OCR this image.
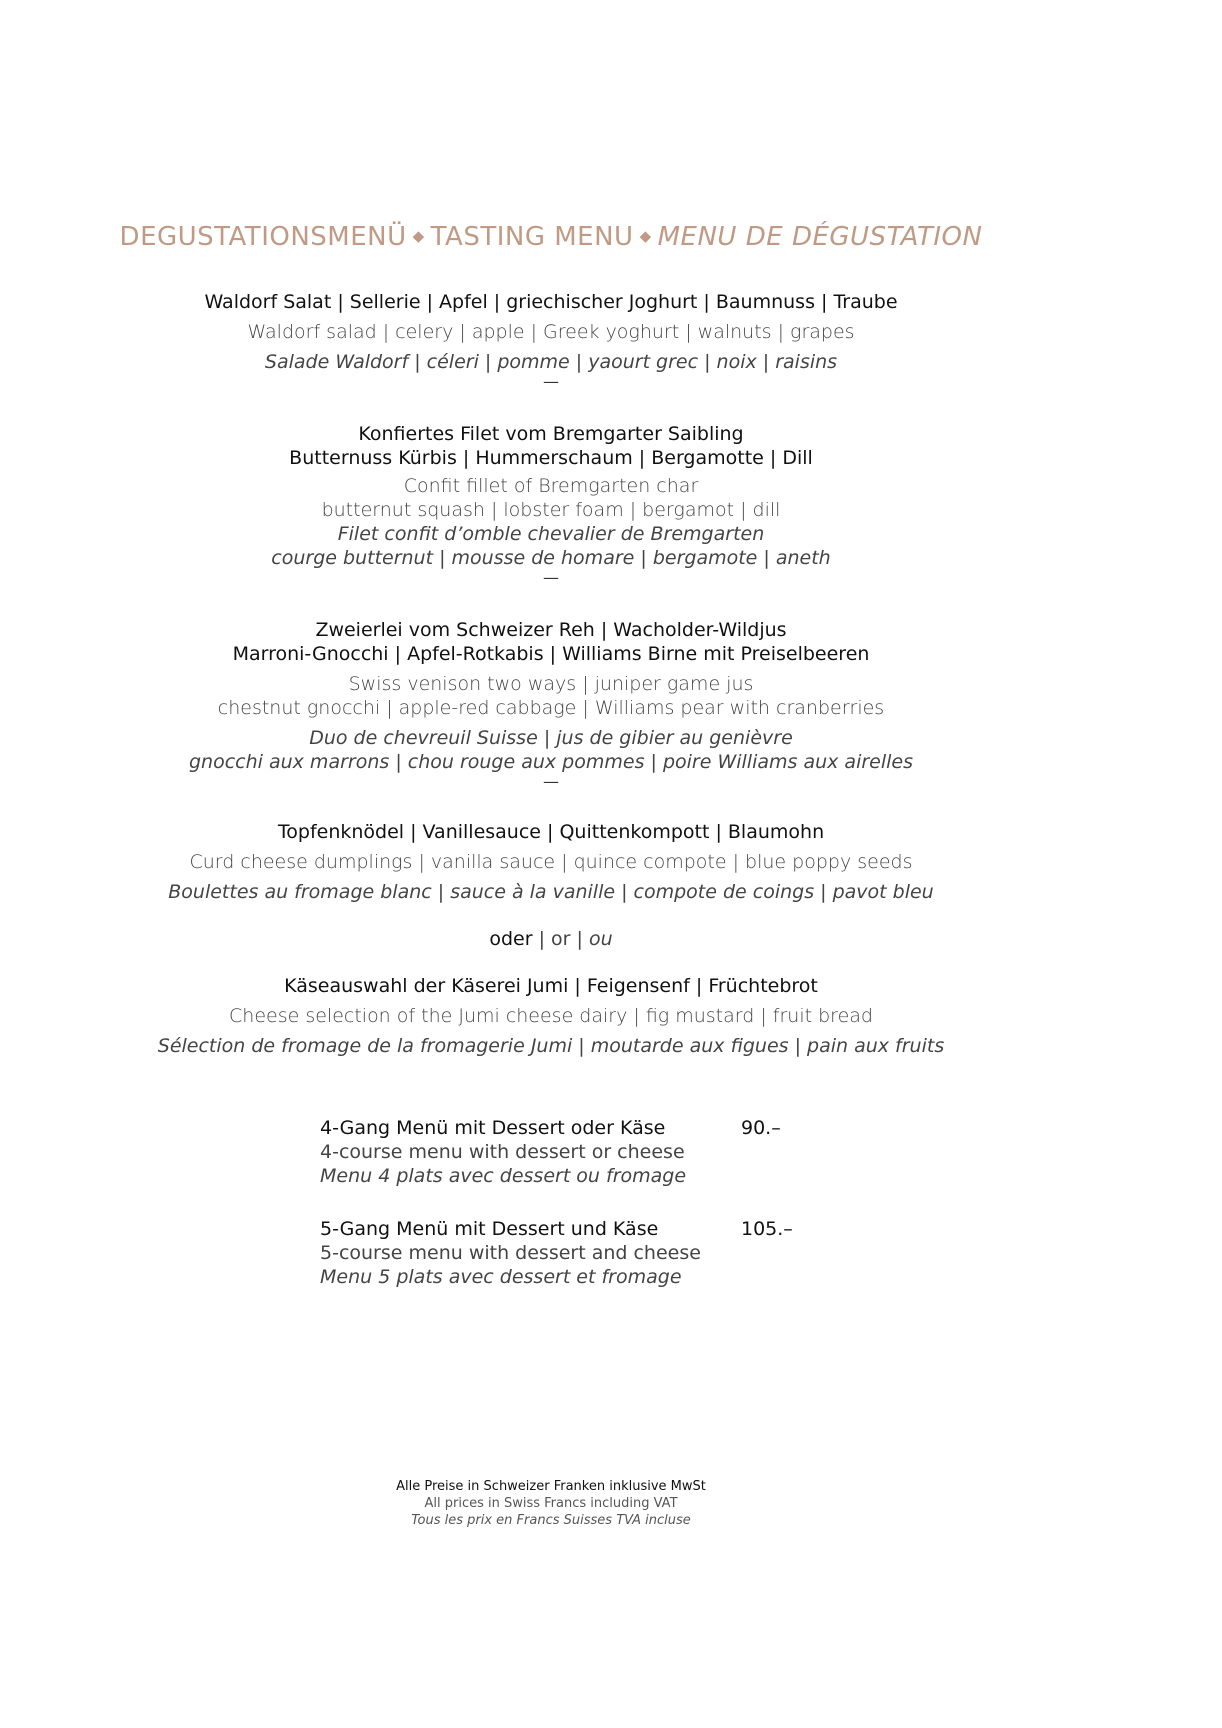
DEGUSTATIONSMENÜ ◆ TASTING MENU ◆ MENU DE DÉGUSTATION
Waldorf Salat | Sellerie | Apfel | griechischer Joghurt | Baumnuss | Traube
Waldorf salad | celery | apple | Greek yoghurt | walnuts | grapes
Salade Waldorf | céleri | pomme | yaourt grec | noix | raisins
—
Konfiertes Filet vom Bremgarter Saibling
Butternuss Kürbis | Hummerschaum | Bergamotte | Dill
Confit fillet of Bremgarten char
butternut squash | lobster foam | bergamot | dill
Filet confit d’omble chevalier de Bremgarten
courge butternut | mousse de homare | bergamote | aneth
—
Zweierlei vom Schweizer Reh | Wacholder-Wildjus
Marroni-Gnocchi | Apfel-Rotkabis | Williams Birne mit Preiselbeeren
Swiss venison two ways | juniper game jus
chestnut gnocchi | apple-red cabbage | Williams pear with cranberries
Duo de chevreuil Suisse | jus de gibier au genièvre
gnocchi aux marrons | chou rouge aux pommes | poire Williams aux airelles
—
Topfenknödel | Vanillesauce | Quittenkompott | Blaumohn
Curd cheese dumplings | vanilla sauce | quince compote | blue poppy seeds
Boulettes au fromage blanc | sauce à la vanille | compote de coings | pavot bleu
oder | or | ou
Käseauswahl der Käserei Jumi | Feigensenf | Früchtebrot
Cheese selection of the Jumi cheese dairy | fig mustard | fruit bread
Sélection de fromage de la fromagerie Jumi | moutarde aux figues | pain aux fruits
4-Gang Menü mit Dessert oder Käse
4-course menu with dessert or cheese
Menu 4 plats avec dessert ou fromage
90.–
5-Gang Menü mit Dessert und Käse
5-course menu with dessert and cheese
Menu 5 plats avec dessert et fromage
105.–
Alle Preise in Schweizer Franken inklusive MwSt
All prices in Swiss Francs including VAT
Tous les prix en Francs Suisses TVA incluse
